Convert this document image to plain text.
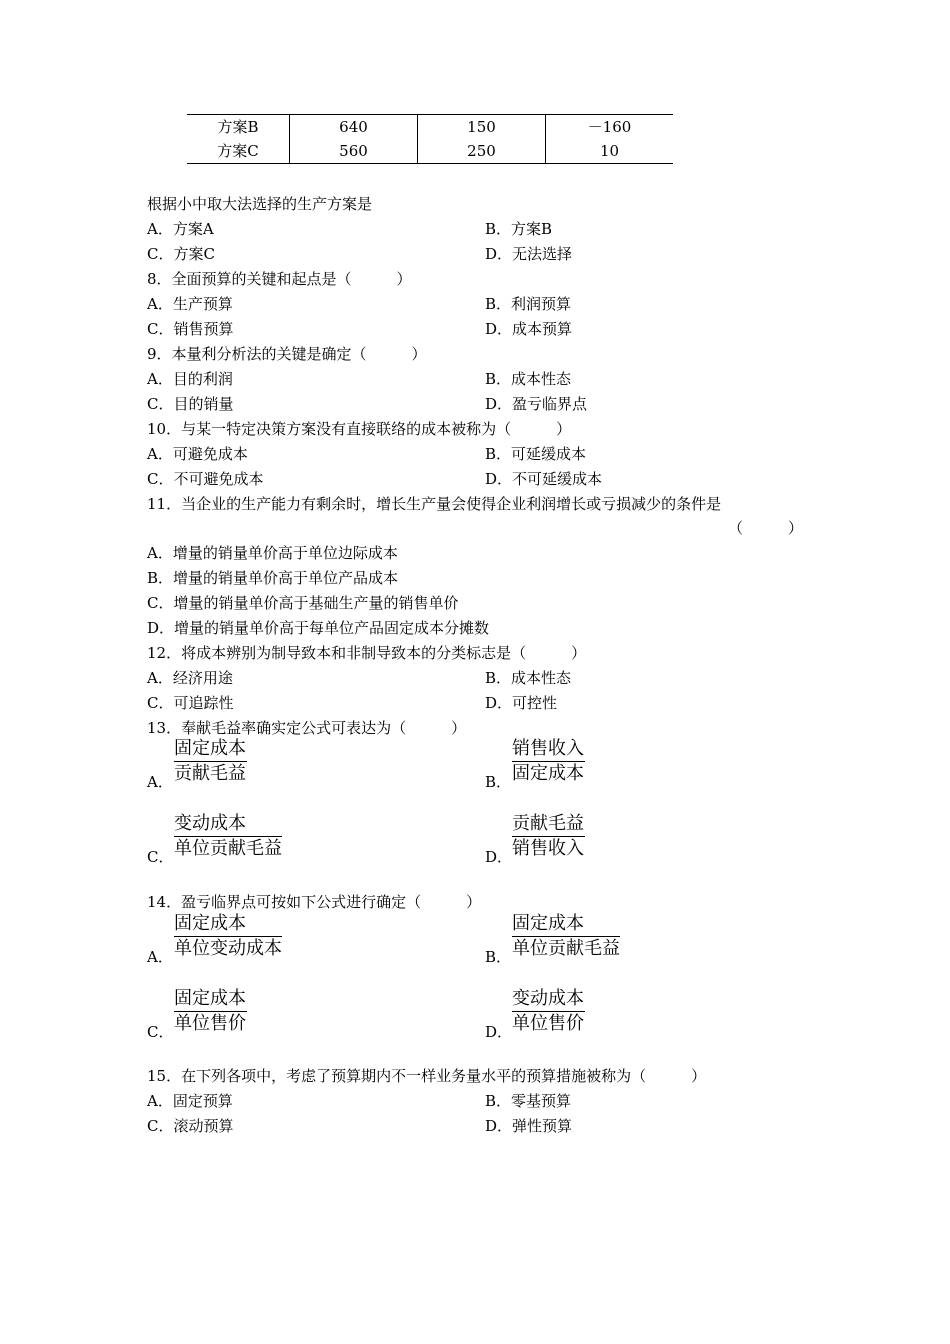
方案B	640	150	－160
方案C	560	250	10
根据小中取大法选择的生产方案是
A．方案A	B．方案B
C．方案C	D．无法选择
8．全面预算的关键和起点是（　　　）
A．生产预算	B．利润预算
C．销售预算	D．成本预算
9．本量利分析法的关键是确定（　　　）
A．目的利润	B．成本性态
C．目的销量	D．盈亏临界点
10．与某一特定决策方案没有直接联络的成本被称为（　　　）
A．可避免成本	B．可延缓成本
C．不可避免成本	D．不可延缓成本
11．当企业的生产能力有剩余时，增长生产量会使得企业利润增长或亏损减少的条件是
（　　　）
A．增量的销量单价高于单位边际成本
B．增量的销量单价高于单位产品成本
C．增量的销量单价高于基础生产量的销售单价
D．增量的销量单价高于每单位产品固定成本分摊数
12．将成本辨别为制导致本和非制导致本的分类标志是（　　　）
A．经济用途	B．成本性态
C．可追踪性	D．可控性
13．奉献毛益率确实定公式可表达为（　　　）
A．
固定成本
贡献毛益	B．
销售收入
固定成本
C．
变动成本
单位贡献毛益	D．
贡献毛益
销售收入
14．盈亏临界点可按如下公式进行确定（　　　）
A．
固定成本
单位变动成本	B．
固定成本
单位贡献毛益
C．
固定成本
单位售价	D．
变动成本
单位售价
15．在下列各项中，考虑了预算期内不一样业务量水平的预算措施被称为（　　　）
A．固定预算	B．零基预算
C．滚动预算	D．弹性预算
